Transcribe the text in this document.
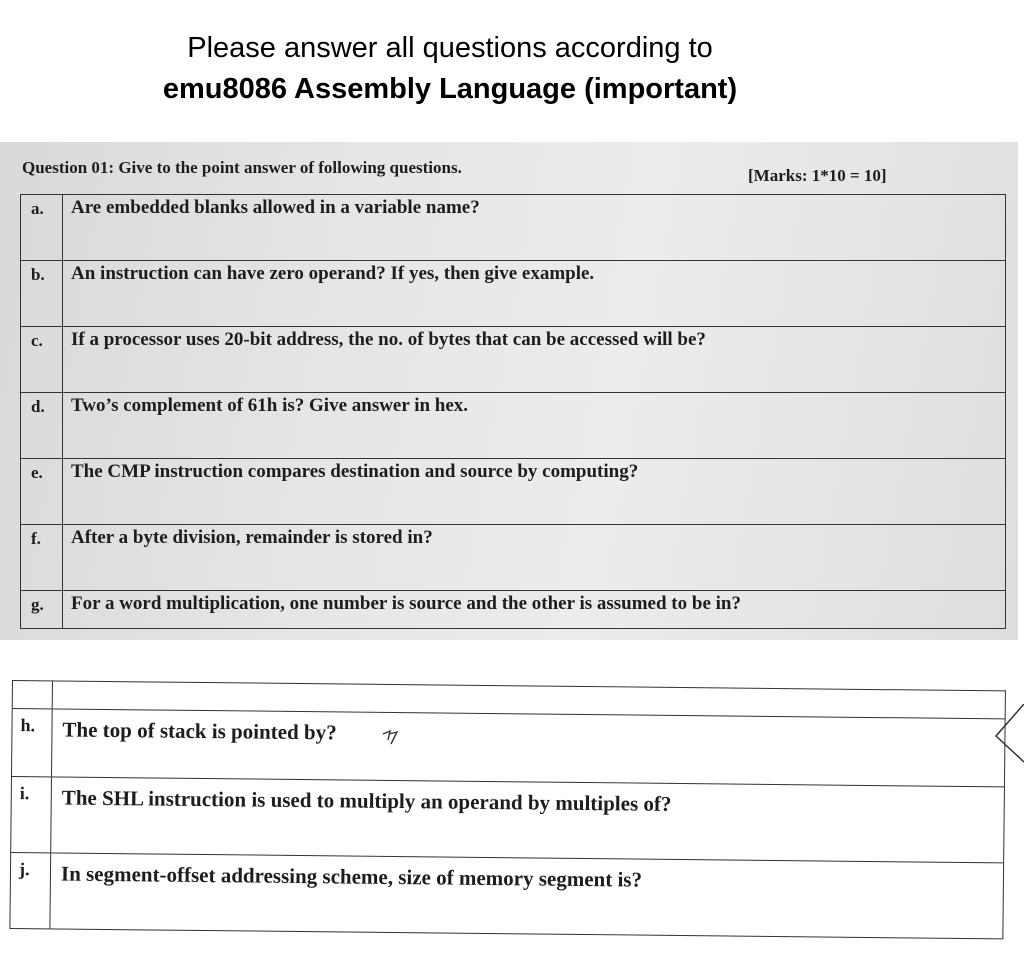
Please answer all questions according to
emu8086 Assembly Language (important)
Question 01: Give to the point answer of following questions.	[Marks: 1*10 = 10]
a.	Are embedded blanks allowed in a variable name?
b.	An instruction can have zero operand? If yes, then give example.
c.	If a processor uses 20-bit address, the no. of bytes that can be accessed will be?
d.	Two’s complement of 61h is? Give answer in hex.
e.	The CMP instruction compares destination and source by computing?
f.	After a byte division, remainder is stored in?
g.	For a word multiplication, one number is source and the other is assumed to be in?
h.	The top of stack is pointed by?
i.	The SHL instruction is used to multiply an operand by multiples of?
j.	In segment-offset addressing scheme, size of memory segment is?
